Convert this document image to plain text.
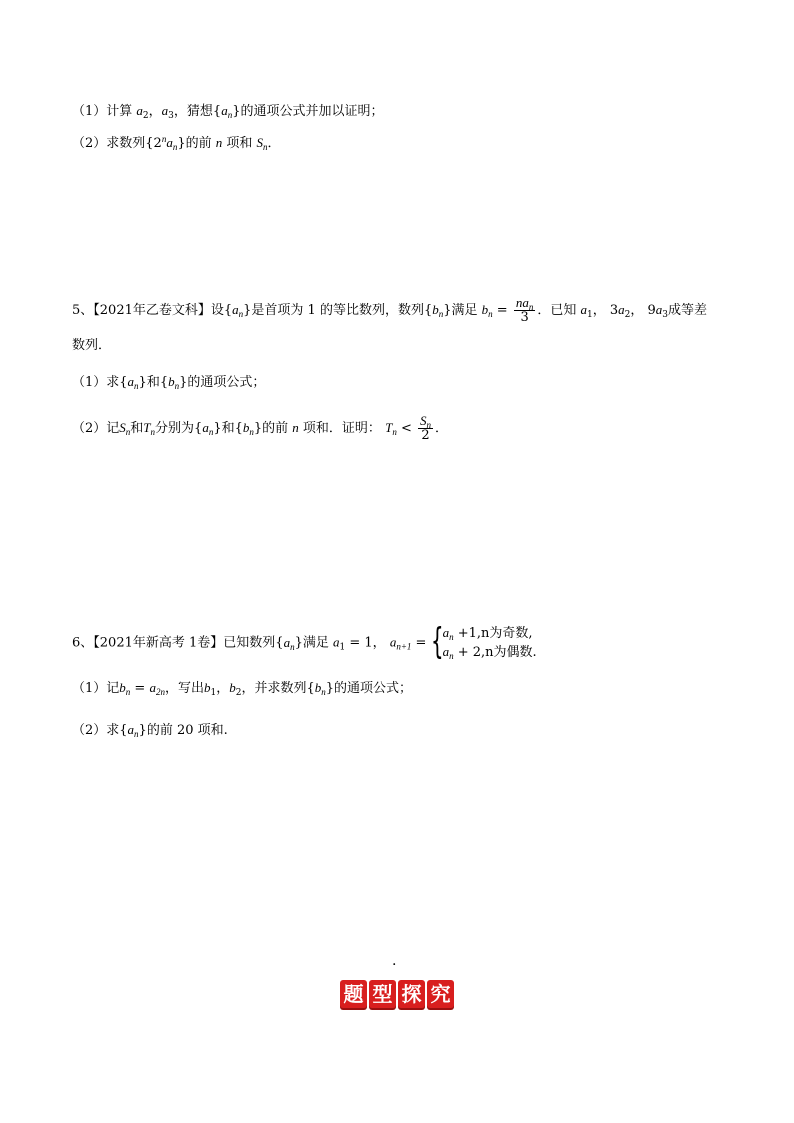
（1）计算 $a_2$，$a_3$，猜想$\{a_n\}$的通项公式并加以证明；
（2）求数列$\{2^na_n\}$的前 n 项和 $S_n$．
5、【2021年乙卷文科】设$\{a_n\}$是首项为 1 的等比数列，数列$\{b_n\}$满足 $b_n = \frac{na_n}{3}$ ．已知 $a_1$， $3a_2$， $9a_3$成等差
数列．
（1）求$\{a_n\}$和$\{b_n\}$的通项公式；
（2）记$S_n$和$T_n$分别为$\{a_n\}$和$\{b_n\}$的前 n 项和．证明： $T_n < \frac{S_n}{2}$ ．
6、【2021年新高考 1卷】已知数列$\{a_n\}$满足 $a_1 = 1$， $a_{n+1}$ = { $a_n +1,n$为奇数,
$a_n + 2,n$为偶数.
（1）记$b_n = a_{2n}$，写出$b_1$，$b_2$，并求数列$\{b_n\}$的通项公式；
（2）求$\{a_n\}$的前 20 项和.
.
题 型 探 究
